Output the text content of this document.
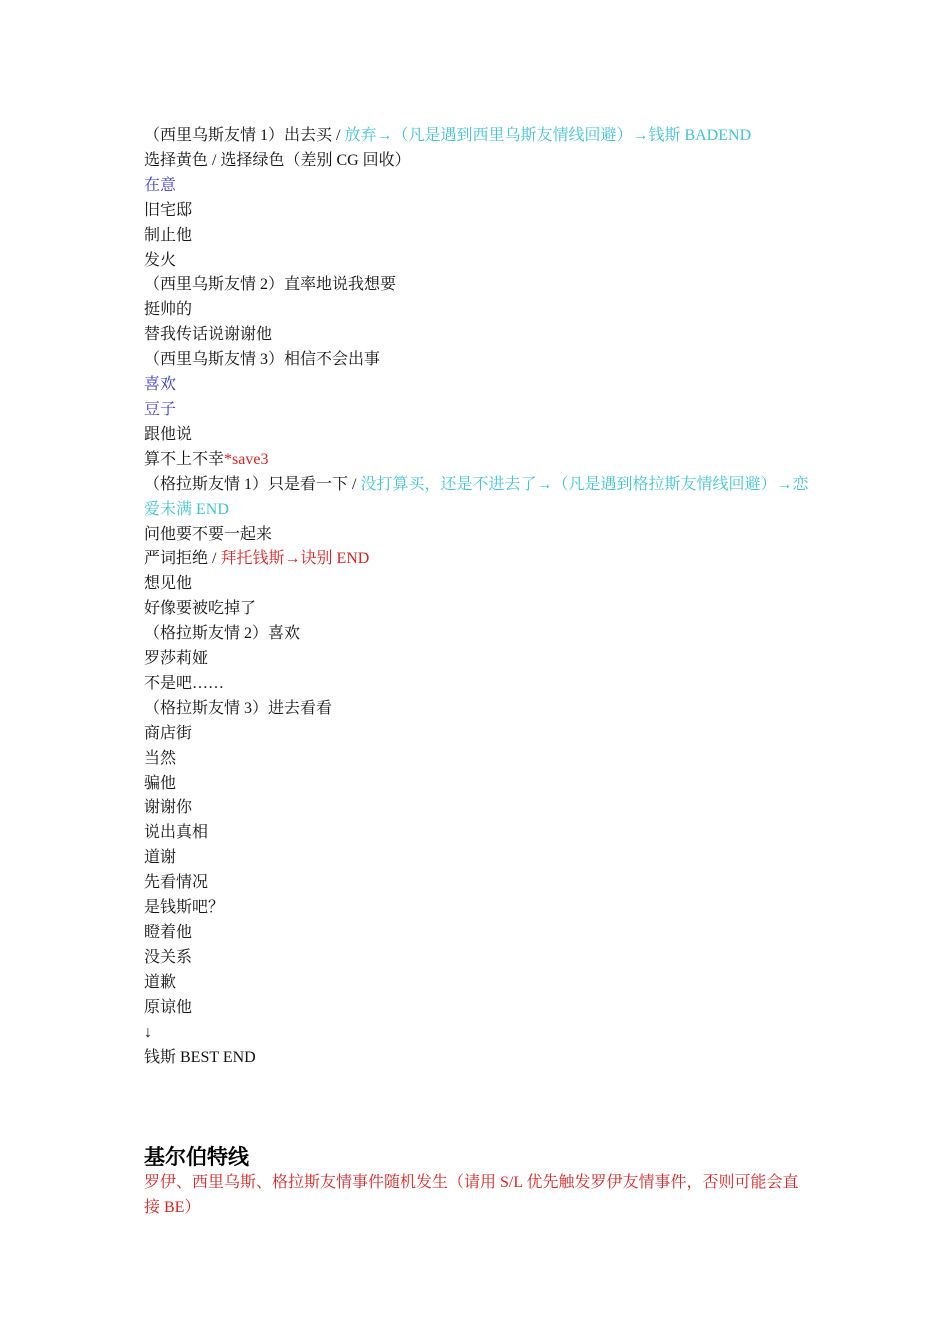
（西里乌斯友情 1）出去买 / 放弃→（凡是遇到西里乌斯友情线回避）→钱斯 BADEND
选择黄色 / 选择绿色（差别 CG 回收）
在意
旧宅邸
制止他
发火
（西里乌斯友情 2）直率地说我想要
挺帅的
替我传话说谢谢他
（西里乌斯友情 3）相信不会出事
喜欢
豆子
跟他说
算不上不幸*save3
（格拉斯友情 1）只是看一下 / 没打算买，还是不进去了→（凡是遇到格拉斯友情线回避）→恋爱未满 END
问他要不要一起来
严词拒绝 / 拜托钱斯→诀别 END
想见他
好像要被吃掉了
（格拉斯友情 2）喜欢
罗莎莉娅
不是吧……
（格拉斯友情 3）进去看看
商店街
当然
骗他
谢谢你
说出真相
道谢
先看情况
是钱斯吧？
瞪着他
没关系
道歉
原谅他
↓
钱斯 BEST END
基尔伯特线
罗伊、西里乌斯、格拉斯友情事件随机发生（请用 S/L 优先触发罗伊友情事件，否则可能会直接 BE）
